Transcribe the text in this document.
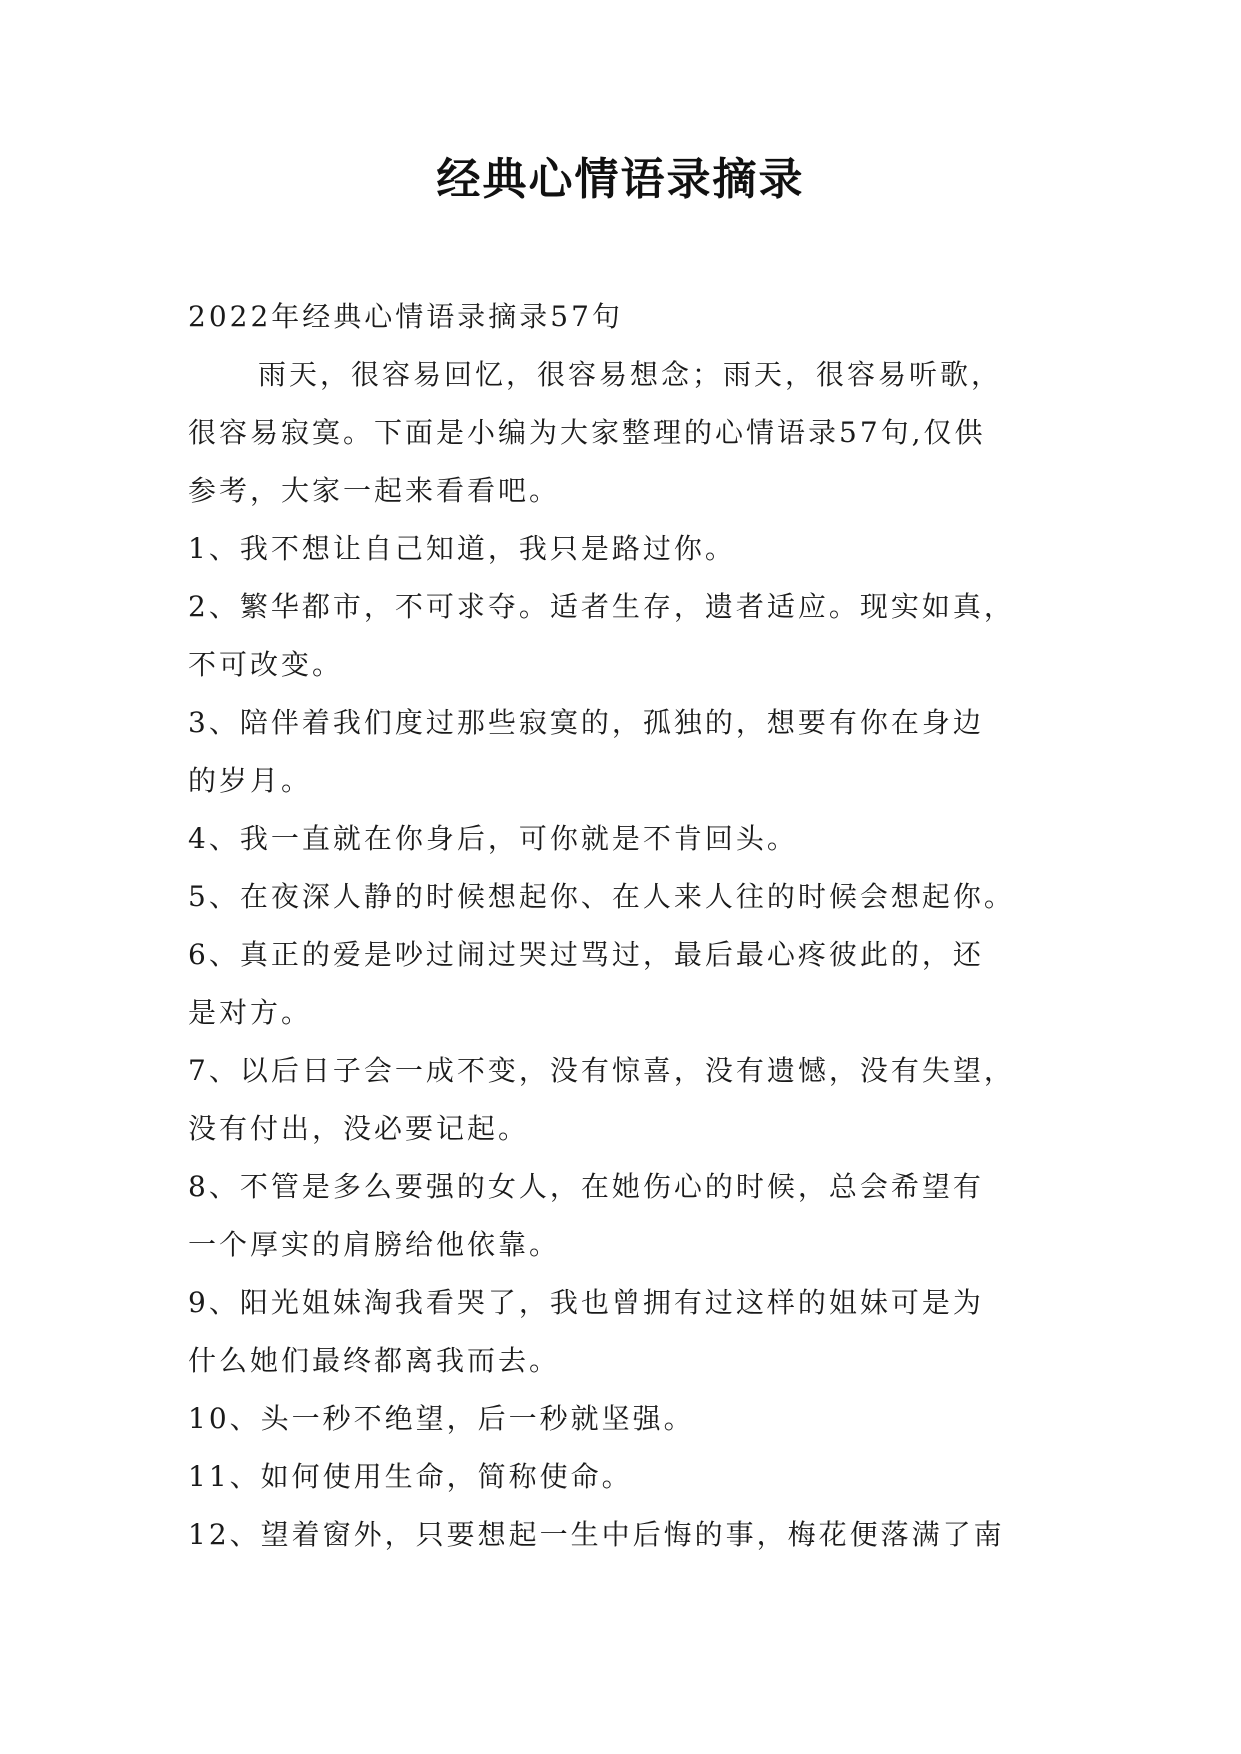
经典心情语录摘录
2022年经典心情语录摘录57句
雨天，很容易回忆，很容易想念；雨天，很容易听歌，
很容易寂寞。下面是小编为大家整理的心情语录57句,仅供
参考，大家一起来看看吧。
1、我不想让自己知道，我只是路过你。
2、繁华都市，不可求夺。适者生存，遗者适应。现实如真，
不可改变。
3、陪伴着我们度过那些寂寞的，孤独的，想要有你在身边
的岁月。
4、我一直就在你身后，可你就是不肯回头。
5、在夜深人静的时候想起你、在人来人往的时候会想起你。
6、真正的爱是吵过闹过哭过骂过，最后最心疼彼此的，还
是对方。
7、以后日子会一成不变，没有惊喜，没有遗憾，没有失望，
没有付出，没必要记起。
8、不管是多么要强的女人，在她伤心的时候，总会希望有
一个厚实的肩膀给他依靠。
9、阳光姐妹淘我看哭了，我也曾拥有过这样的姐妹可是为
什么她们最终都离我而去。
10、头一秒不绝望，后一秒就坚强。
11、如何使用生命，简称使命。
12、望着窗外，只要想起一生中后悔的事，梅花便落满了南
